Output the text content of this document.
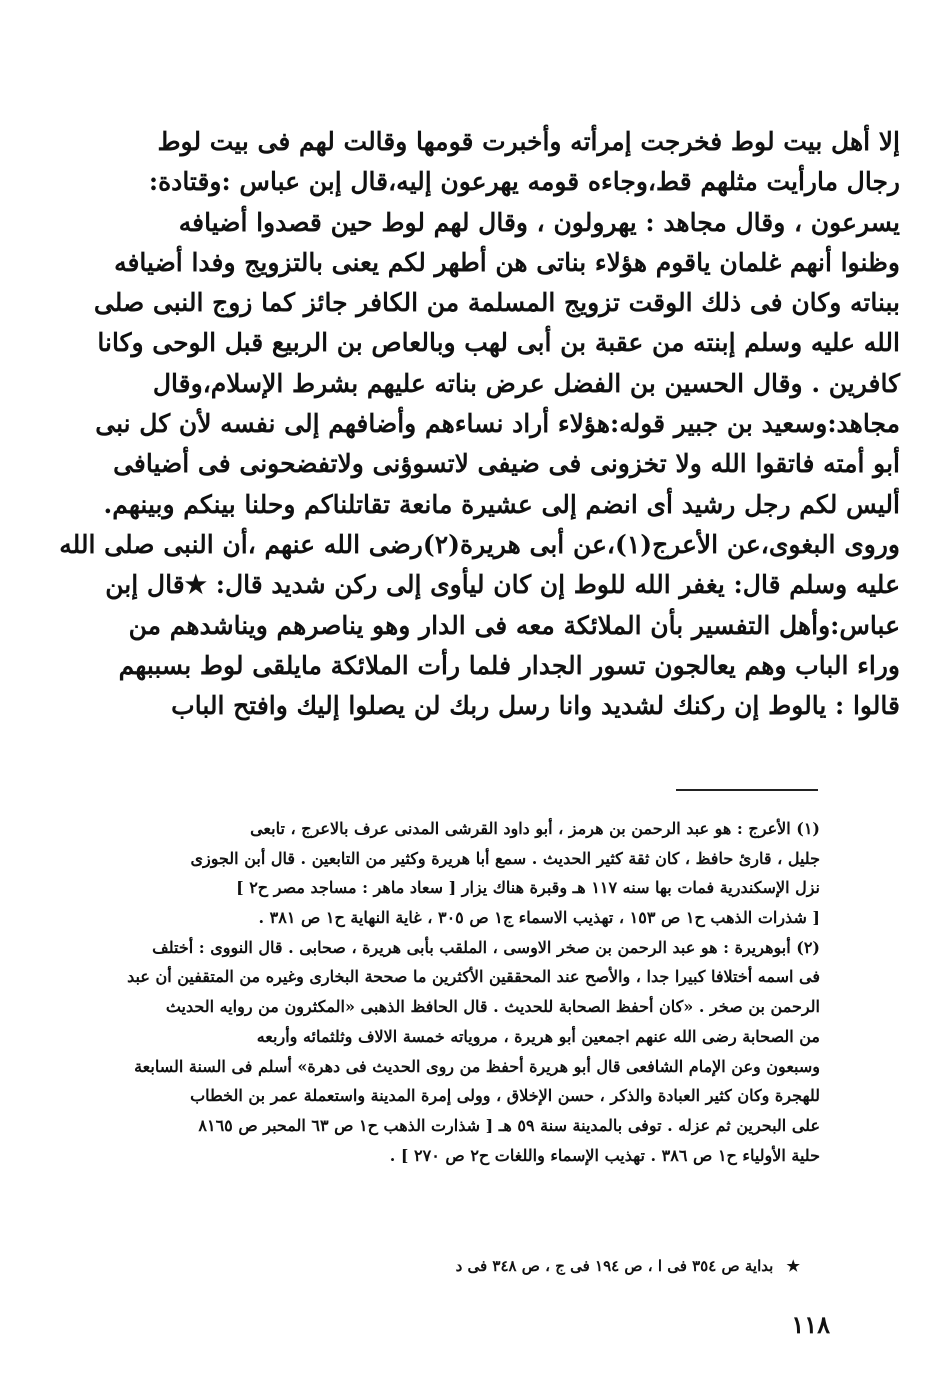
إلا أهل بيت لوط فخرجت إمرأته وأخبرت قومها وقالت لهم فى بيت لوط
رجال مارأيت مثلهم قط،وجاءه قومه يهرعون إليه،قال إبن عباس :وقتادة:
يسرعون ، وقال مجاهد : يهرولون ، وقال لهم لوط حين قصدوا أضيافه
وظنوا أنهم غلمان ياقوم هؤلاء بناتى هن أطهر لكم يعنى بالتزويج وفدا أضيافه
ببناته وكان فى ذلك الوقت تزويج المسلمة من الكافر جائز كما زوج النبى صلى
الله عليه وسلم إبنته من عقبة بن أبى لهب وبالعاص بن الربيع قبل الوحى وكانا
كافرين . وقال الحسين بن الفضل عرض بناته عليهم بشرط الإسلام،وقال
مجاهد:وسعيد بن جبير قوله:هؤلاء أراد نساءهم وأضافهم إلى نفسه لأن كل نبى
أبو أمته فاتقوا الله ولا تخزونى فى ضيفى لاتسوؤنى ولاتفضحونى فى أضيافى
أليس لكم رجل رشيد أى انضم إلى عشيرة مانعة تقاتلناكم وحلنا بينكم وبينهم.
وروى البغوى،عن الأعرج(١)،عن أبى هريرة(٢)رضى الله عنهم ،أن النبى صلى الله
عليه وسلم قال: يغفر الله للوط إن كان ليأوى إلى ركن شديد قال: ★قال إبن
عباس:وأهل التفسير بأن الملائكة معه فى الدار وهو يناصرهم ويناشدهم من
وراء الباب وهم يعالجون تسور الجدار فلما رأت الملائكة مايلقى لوط بسببهم
قالوا : يالوط إن ركنك لشديد وانا رسل ربك لن يصلوا إليك وافتح الباب
(١) الأعرج : هو عبد الرحمن بن هرمز ، أبو داود القرشى المدنى عرف بالاعرج ، تابعى
جليل ، قارئ حافظ ، كان ثقة كثير الحديث . سمع أبا هريرة وكثير من التابعين . قال أبن الجوزى
نزل الإسكندرية فمات بها سنه ١١٧ هـ وقبرة هناك يزار [ سعاد ماهر : مساجد مصر ح٢ ]
[ شذرات الذهب ح١ ص ١٥٣ ، تهذيب الاسماء ج١ ص ٣٠٥ ، غاية النهاية ح١ ص ٣٨١ .
(٢) أبوهريرة : هو عبد الرحمن بن صخر الاوسى ، الملقب بأبى هريرة ، صحابى . قال النووى : أختلف
فى اسمه أختلافا كبيرا جدا ، والأصح عند المحققين الأكثرين ما صححة البخارى وغيره من المتقفين أن عبد
الرحمن بن صخر . «كان أحفظ الصحابة للحديث . قال الحافظ الذهبى «المكثرون من روايه الحديث
من الصحابة رضى الله عنهم اجمعين أبو هريرة ، مروياته خمسة الالاف وثلثمائه وأربعه
وسبعون وعن الإمام الشافعى قال أبو هريرة أحفظ من روى الحديث فى دهرة» أسلم فى السنة السابعة
للهجرة وكان كثير العبادة والذكر ، حسن الإخلاق ، وولى إمرة المدينة واستعملة عمر بن الخطاب
على البحرين ثم عزله . توفى بالمدينة سنة ٥٩ هـ [ شذارت الذهب ح١ ص ٦٣ المحبر ص ٨١٦٥
حلية الأولياء ح١ ص ٣٨٦ . تهذيب الإسماء واللغات ح٢ ص ٢٧٠ ] .
★ بداية ص ٣٥٤ فى ا ، ص ١٩٤ فى ج ، ص ٣٤٨ فى د
١١٨
